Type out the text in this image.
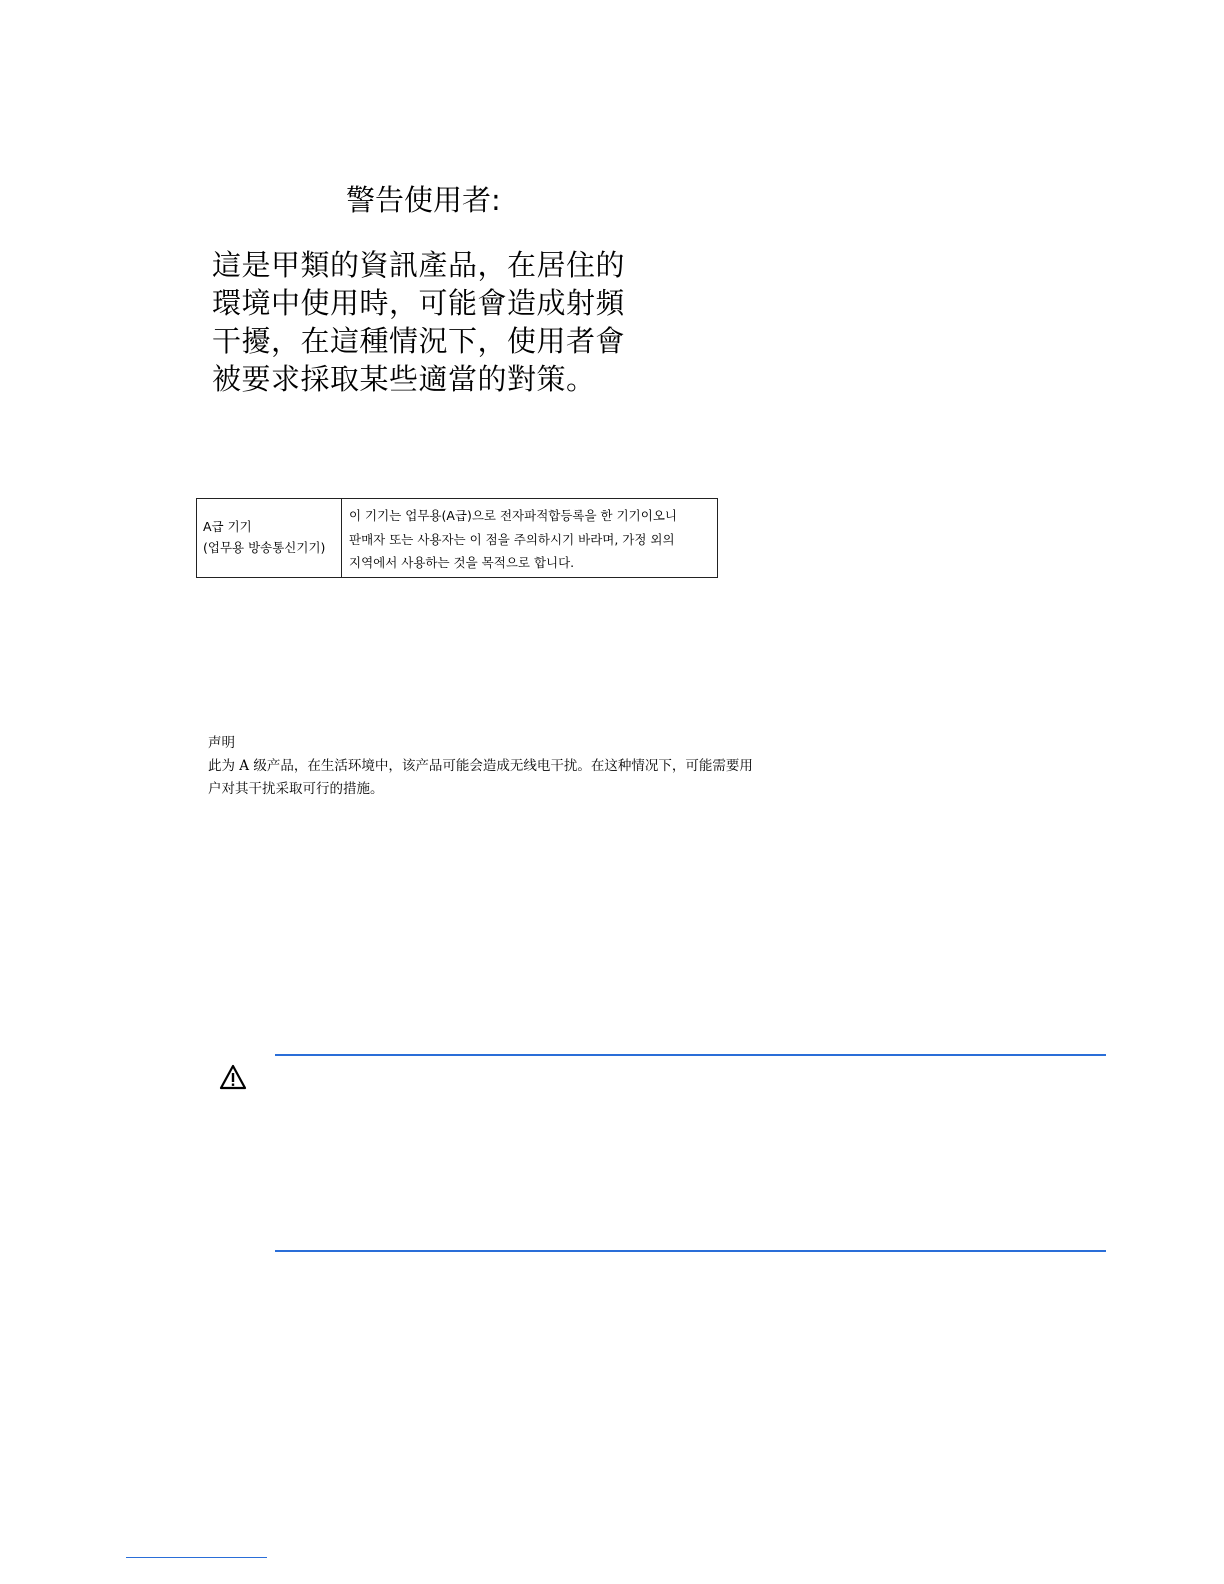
警告使用者:
這是甲類的資訊產品，在居住的
環境中使用時，可能會造成射頻
干擾，在這種情況下，使用者會
被要求採取某些適當的對策。
A급 기기
(업무용 방송통신기기)
이 기기는 업무용(A급)으로 전자파적합등록을 한 기기이오니
판매자 또는 사용자는 이 점을 주의하시기 바라며, 가정 외의
지역에서 사용하는 것을 목적으로 합니다.
声明
此为 A 级产品，在生活环境中，该产品可能会造成无线电干扰。在这种情况下，可能需要用
户对其干扰采取可行的措施。
